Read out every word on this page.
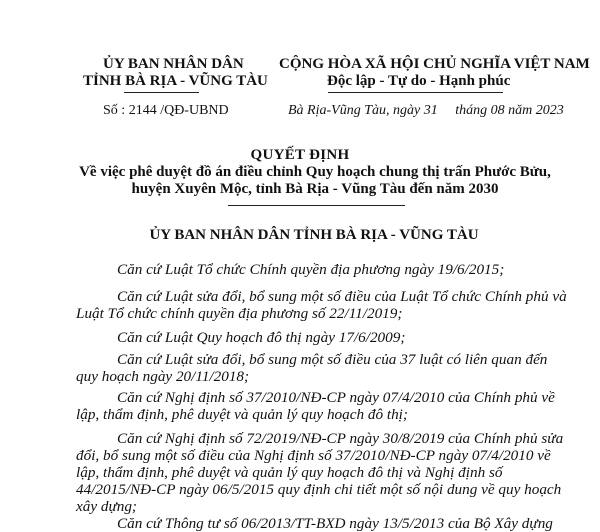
ỦY BAN NHÂN DÂN
TỈNH BÀ RỊA - VŨNG TÀU
CỘNG HÒA XÃ HỘI CHỦ NGHĨA VIỆT NAM
Độc lập - Tự do - Hạnh phúc
Số : 2144 /QĐ-UBND	Bà Rịa-Vũng Tàu, ngày 31     tháng 08 năm 2023
QUYẾT ĐỊNH
Về việc phê duyệt đồ án điều chỉnh Quy hoạch chung thị trấn Phước Bửu,
huyện Xuyên Mộc, tỉnh Bà Rịa - Vũng Tàu đến năm 2030
ỦY BAN NHÂN DÂN TỈNH BÀ RỊA - VŨNG TÀU
Căn cứ Luật Tổ chức Chính quyền địa phương ngày 19/6/2015;
Căn cứ Luật sửa đổi, bổ sung một số điều của Luật Tổ chức Chính phủ và
Luật Tổ chức chính quyền địa phương số 22/11/2019;
Căn cứ Luật Quy hoạch đô thị ngày 17/6/2009;
Căn cứ Luật sửa đổi, bổ sung một số điều của 37 luật có liên quan đến
quy hoạch ngày 20/11/2018;
Căn cứ Nghị định số 37/2010/NĐ-CP ngày 07/4/2010 của Chính phủ về
lập, thẩm định, phê duyệt và quản lý quy hoạch đô thị;
Căn cứ Nghị định số 72/2019/NĐ-CP ngày 30/8/2019 của Chính phủ sửa
đổi, bổ sung một số điều của Nghị định số 37/2010/NĐ-CP ngày 07/4/2010 về
lập, thẩm định, phê duyệt và quản lý quy hoạch đô thị và Nghị định số
44/2015/NĐ-CP ngày 06/5/2015 quy định chi tiết một số nội dung về quy hoạch
xây dựng;
Căn cứ Thông tư số 06/2013/TT-BXD ngày 13/5/2013 của Bộ Xây dựng
